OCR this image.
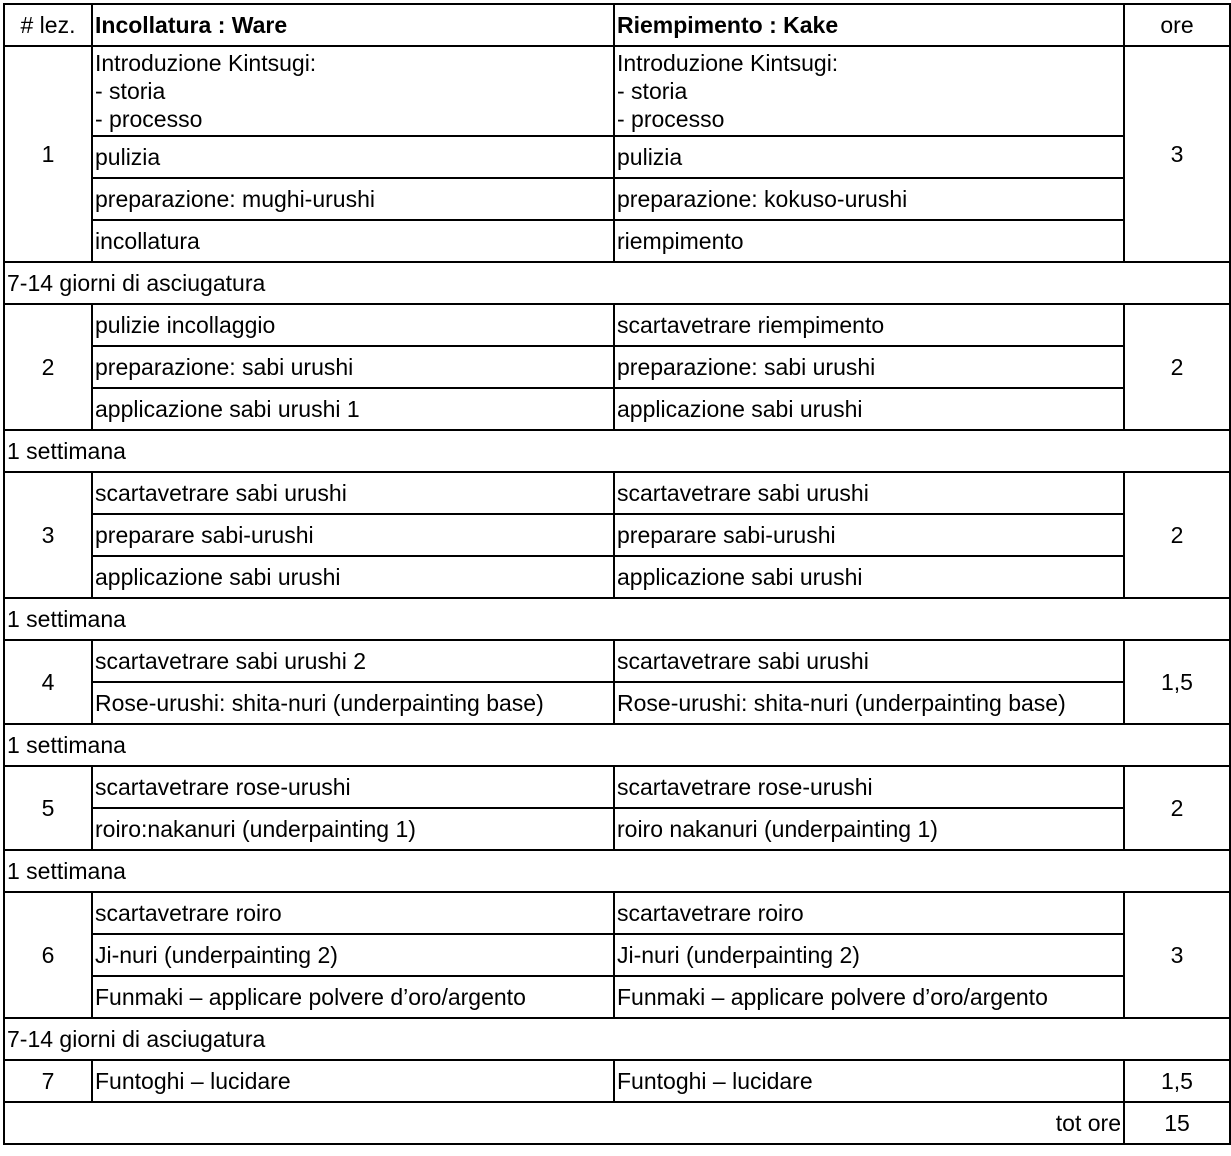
# lez.	Incollatura : Ware	Riempimento : Kake	ore
1	Introduzione Kintsugi:
- storia
- processo	Introduzione Kintsugi:
- storia
- processo	3
	pulizia	pulizia	
	preparazione: mughi-urushi	preparazione: kokuso-urushi	
	incollatura	riempimento	
7-14 giorni di asciugatura			
2	pulizie incollaggio	scartavetrare riempimento	2
	preparazione: sabi urushi	preparazione: sabi urushi	
	applicazione sabi urushi 1	applicazione sabi urushi	
1 settimana			
3	scartavetrare sabi urushi	scartavetrare sabi urushi	2
	preparare sabi-urushi	preparare sabi-urushi	
	applicazione sabi urushi	applicazione sabi urushi	
1 settimana			
4	scartavetrare sabi urushi 2	scartavetrare sabi urushi	1,5
	Rose-urushi: shita-nuri (underpainting base)	Rose-urushi: shita-nuri (underpainting base)	
1 settimana			
5	scartavetrare rose-urushi	scartavetrare rose-urushi	2
	roiro:nakanuri (underpainting 1)	roiro nakanuri (underpainting 1)	
1 settimana			
6	scartavetrare roiro	scartavetrare roiro	3
	Ji-nuri (underpainting 2)	Ji-nuri (underpainting 2)	
	Funmaki – applicare polvere d’oro/argento	Funmaki – applicare polvere d’oro/argento	
7-14 giorni di asciugatura			
7	Funtoghi – lucidare	Funtoghi – lucidare	1,5
tot ore			15
